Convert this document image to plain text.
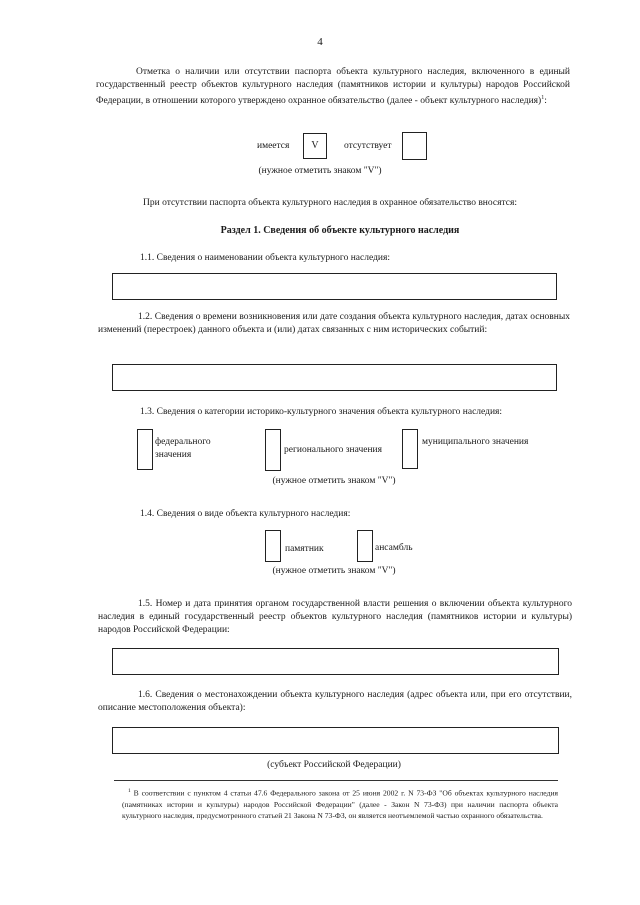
4
Отметка о наличии или отсутствии паспорта объекта культурного наследия, включенного в единый государственный реестр объектов культурного наследия (памятников истории и культуры) народов Российской Федерации, в отношении которого утверждено охранное обязательство (далее - объект культурного наследия)$^1$:
имеется	V	отсутствует
(нужное отметить знаком "V")
При отсутствии паспорта объекта культурного наследия в охранное обязательство вносятся:
Раздел 1. Сведения об объекте культурного наследия
1.1. Сведения о наименовании объекта культурного наследия:
1.2. Сведения о времени возникновения или дате создания объекта культурного наследия, датах основных изменений (перестроек) данного объекта и (или) датах связанных с ним исторических событий:
1.3. Сведения о категории историко-культурного значения объекта культурного наследия:
федерального значения	регионального значения
муниципального значения
(нужное отметить знаком "V")
1.4. Сведения о виде объекта культурного наследия:
памятник	ансамбль
(нужное отметить знаком "V")
1.5. Номер и дата принятия органом государственной власти решения о включении объекта культурного наследия в единый государственный реестр объектов культурного наследия (памятников истории и культуры) народов Российской Федерации:
1.6. Сведения о местонахождении объекта культурного наследия (адрес объекта или, при его отсутствии, описание местоположения объекта):
(субъект Российской Федерации)
$^1$ В соответствии с пунктом 4 статьи 47.6 Федерального закона от 25 июня 2002 г. N 73-ФЗ "Об объектах культурного наследия (памятниках истории и культуры) народов Российской Федерации" (далее - Закон N 73-ФЗ) при наличии паспорта объекта культурного наследия, предусмотренного статьей 21 Закона N 73-ФЗ, он является неотъемлемой частью охранного обязательства.
